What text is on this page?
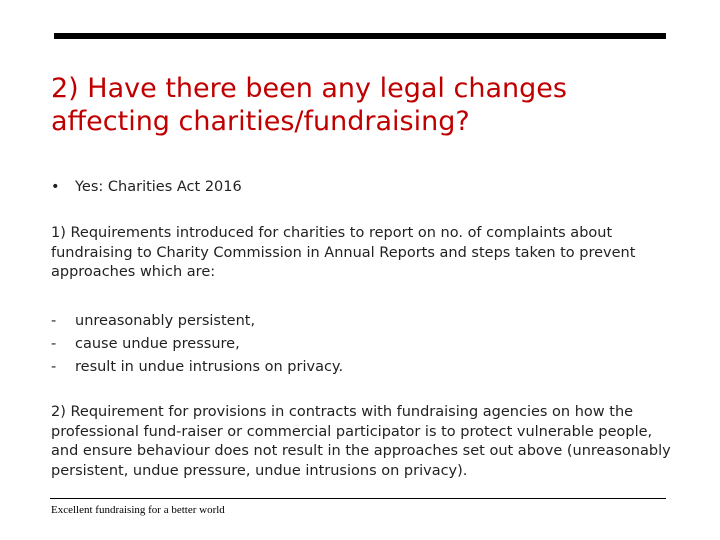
2) Have there been any legal changes affecting charities/fundraising?
• Yes: Charities Act 2016

1) Requirements introduced for charities to report on no. of complaints about fundraising to Charity Commission in Annual Reports and steps taken to prevent approaches which are:

- unreasonably persistent,
- cause undue pressure,
- result in undue intrusions on privacy.

2) Requirement for provisions in contracts with fundraising agencies on how the professional fund-raiser or commercial participator is to protect vulnerable people, and ensure behaviour does not result in the approaches set out above (unreasonably persistent, undue pressure, undue intrusions on privacy).

Excellent fundraising for a better world
